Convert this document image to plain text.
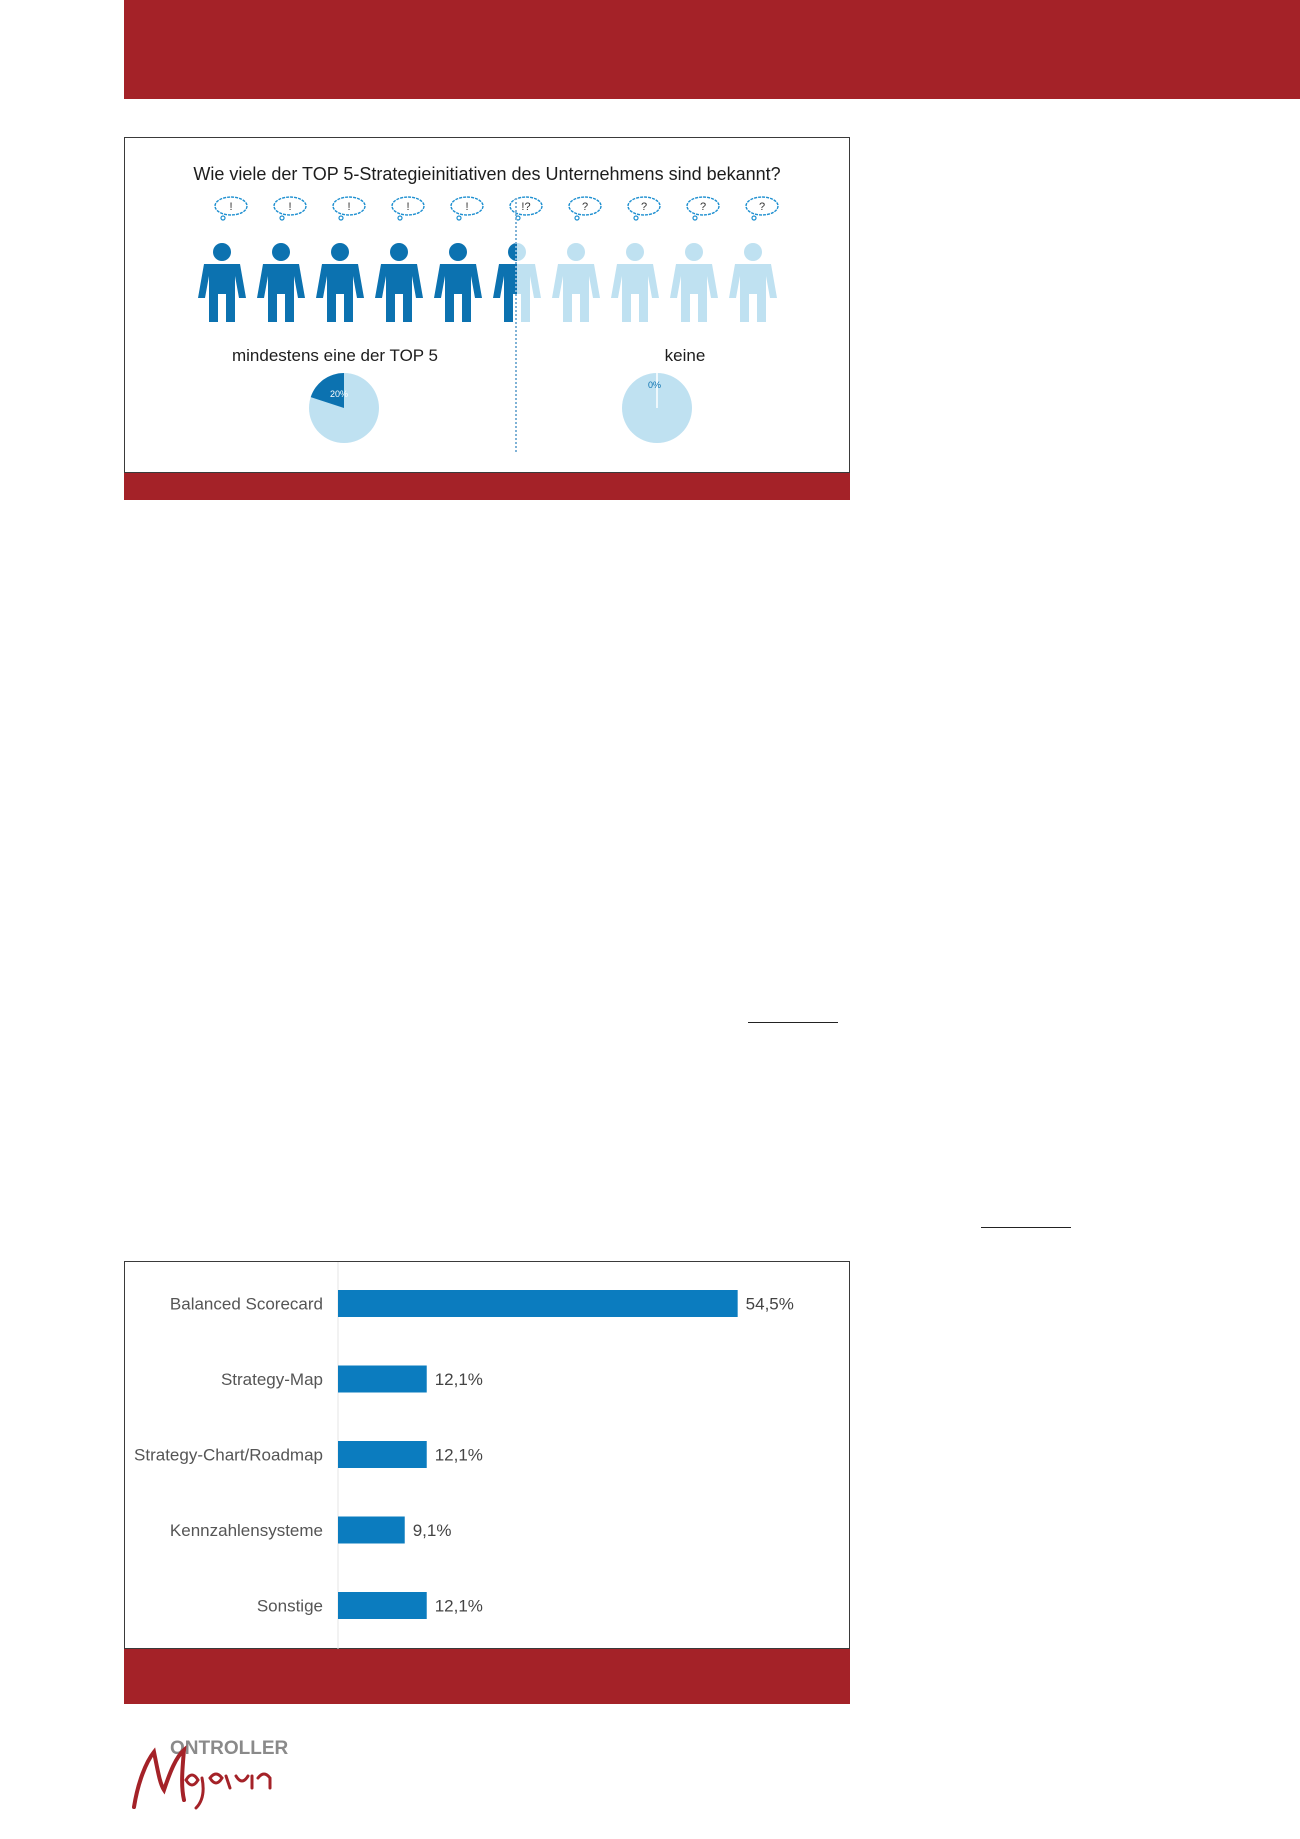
Wie viele der TOP 5-Strategieinitiativen des Unternehmens sind bekannt?
!	!	!	!	!	!?	?	?	?	?
mindestens eine der TOP 5	keine
20%
0%
Balanced Scorecard	54,5%
Strategy-Map	12,1%
Strategy-Chart/Roadmap	12,1%
Kennzahlensysteme	9,1%
Sonstige	12,1%
ONTROLLER
